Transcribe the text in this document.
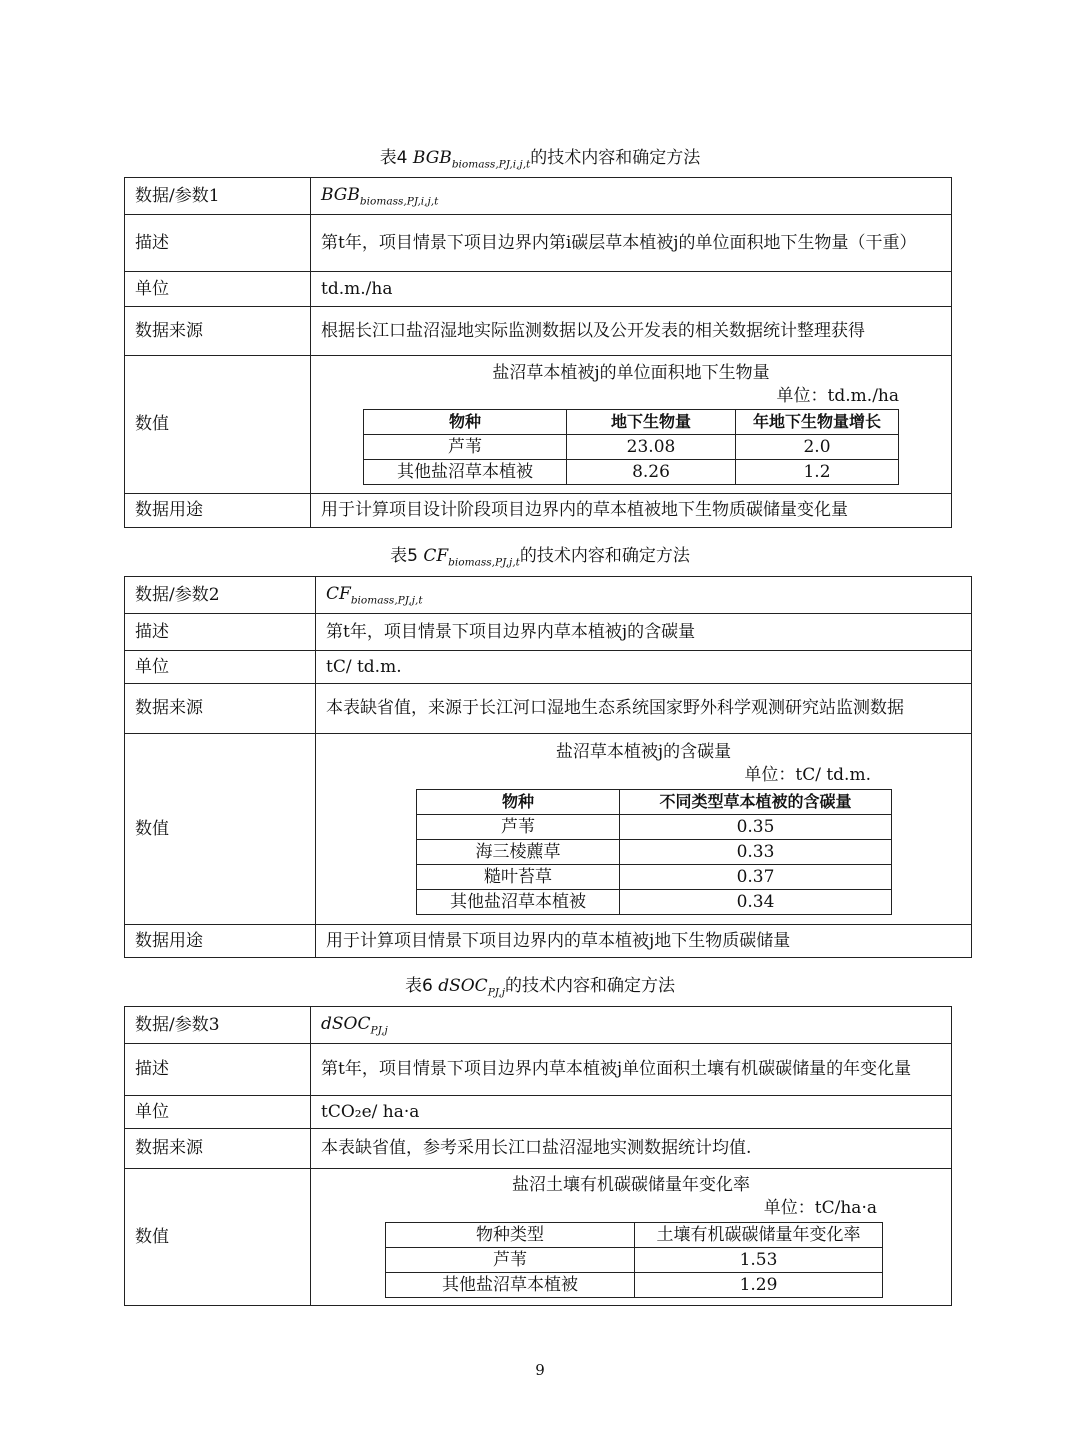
表4 $BGB_{biomass,PJ,i,j,t}$的技术内容和确定方法
数据/参数1	$BGB_{biomass,PJ,i,j,t}$
描述	第t年，项目情景下项目边界内第i碳层草本植被j的单位面积地下生物量（干重）
单位	td.m./ha
数据来源	根据长江口盐沼湿地实际监测数据以及公开发表的相关数据统计整理获得
数值	
盐沼草本植被j的单位面积地下生物量
单位：td.m./ha
物种	地下生物量	年地下生物量增长
芦苇	23.08	2.0
其他盐沼草本植被	8.26	1.2

数据用途	用于计算项目设计阶段项目边界内的草本植被地下生物质碳储量变化量
表5 $CF_{biomass,PJ,j,t}$的技术内容和确定方法
数据/参数2	$CF_{biomass,PJ,j,t}$
描述	第t年，项目情景下项目边界内草本植被j的含碳量
单位	tC/ td.m.
数据来源	本表缺省值，来源于长江河口湿地生态系统国家野外科学观测研究站监测数据
数值	
盐沼草本植被j的含碳量
单位：tC/ td.m.
物种	不同类型草本植被的含碳量
芦苇	0.35
海三棱藨草	0.33
糙叶苔草	0.37
其他盐沼草本植被	0.34

数据用途	用于计算项目情景下项目边界内的草本植被j地下生物质碳储量
表6 dSOC$_{PJ,j}$的技术内容和确定方法
数据/参数3	dSOC$_{PJ,j}$
描述	第t年，项目情景下项目边界内草本植被j单位面积土壤有机碳碳储量的年变化量
单位	tCO₂e/ ha·a
数据来源	本表缺省值，参考采用长江口盐沼湿地实测数据统计均值.
数值	
盐沼土壤有机碳碳储量年变化率
单位：tC/ha·a
物种类型	土壤有机碳碳储量年变化率
芦苇	1.53
其他盐沼草本植被	1.29
9
